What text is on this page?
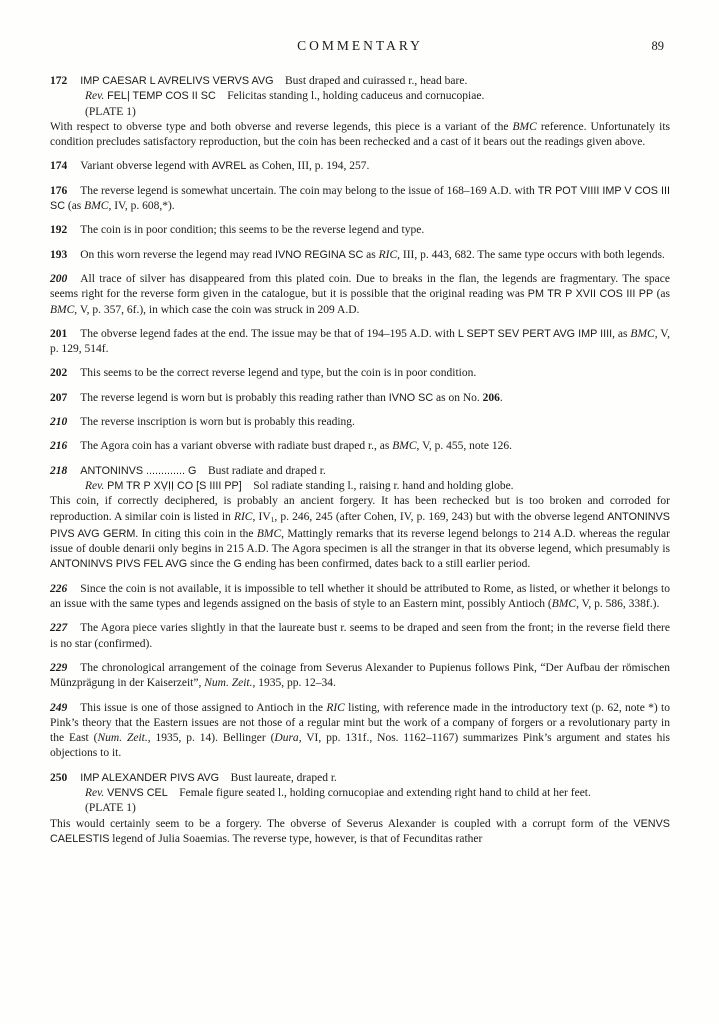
COMMENTARY	89

172 IMP CAESAR L AVRELIVS VERVS AVG Bust draped and cuirassed r., head bare.

Rev. FEL| TEMP COS II SC Felicitas standing l., holding caduceus and cornucopiae.

(PLATE 1)

With respect to obverse type and both obverse and reverse legends, this piece is a variant of the BMC reference. Unfortunately its condition precludes satisfactory reproduction, but the coin has been rechecked and a cast of it bears out the readings given above.

174 Variant obverse legend with AVREL as Cohen, III, p. 194, 257.

176 The reverse legend is somewhat uncertain. The coin may belong to the issue of 168–169 A.D. with TR POT VIIII IMP V COS III SC (as BMC, IV, p. 608,*).

192 The coin is in poor condition; this seems to be the reverse legend and type.

193 On this worn reverse the legend may read IVNO REGINA SC as RIC, III, p. 443, 682. The same type occurs with both legends.

200 All trace of silver has disappeared from this plated coin. Due to breaks in the flan, the legends are fragmentary. The space seems right for the reverse form given in the catalogue, but it is possible that the original reading was PM TR P XVII COS III PP (as BMC, V, p. 357, 6f.), in which case the coin was struck in 209 A.D.

201 The obverse legend fades at the end. The issue may be that of 194–195 A.D. with L SEPT SEV PERT AVG IMP IIII, as BMC, V, p. 129, 514f.

202 This seems to be the correct reverse legend and type, but the coin is in poor condition.

207 The reverse legend is worn but is probably this reading rather than IVNO SC as on No. 206.

210 The reverse inscription is worn but is probably this reading.

216 The Agora coin has a variant obverse with radiate bust draped r., as BMC, V, p. 455, note 126.

218 ANTONINVS ............. G Bust radiate and draped r.

Rev. PM TR P XṾỊỊ CO [S IIII PP] Sol radiate standing l., raising r. hand and holding globe.

This coin, if correctly deciphered, is probably an ancient forgery. It has been rechecked but is too broken and corroded for reproduction. A similar coin is listed in RIC, IV1, p. 246, 245 (after Cohen, IV, p. 169, 243) but with the obverse legend ANTONINVS PIVS AVG GERM. In citing this coin in the BMC, Mattingly remarks that its reverse legend belongs to 214 A.D. whereas the regular issue of double denarii only begins in 215 A.D. The Agora specimen is all the stranger in that its obverse legend, which presumably is ANTONINVS PIVS FEL AVG since the G ending has been confirmed, dates back to a still earlier period.

226 Since the coin is not available, it is impossible to tell whether it should be attributed to Rome, as listed, or whether it belongs to an issue with the same types and legends assigned on the basis of style to an Eastern mint, possibly Antioch (BMC, V, p. 586, 338f.).

227 The Agora piece varies slightly in that the laureate bust r. seems to be draped and seen from the front; in the reverse field there is no star (confirmed).

229 The chronological arrangement of the coinage from Severus Alexander to Pupienus follows Pink, “Der Aufbau der römischen Münzprägung in der Kaiserzeit”, Num. Zeit., 1935, pp. 12–34.

249 This issue is one of those assigned to Antioch in the RIC listing, with reference made in the introductory text (p. 62, note *) to Pink’s theory that the Eastern issues are not those of a regular mint but the work of a company of forgers or a revolutionary party in the East (Num. Zeit., 1935, p. 14). Bellinger (Dura, VI, pp. 131f., Nos. 1162–1167) summarizes Pink’s argument and states his objections to it.

250 IMP ALEXANDER PIVS AVG Bust laureate, draped r.

Rev. VENVS CEL Female figure seated l., holding cornucopiae and extending right hand to child at her feet.

(PLATE 1)

This would certainly seem to be a forgery. The obverse of Severus Alexander is coupled with a corrupt form of the VENVS CAELESTIS legend of Julia Soaemias. The reverse type, however, is that of Fecunditas rather
